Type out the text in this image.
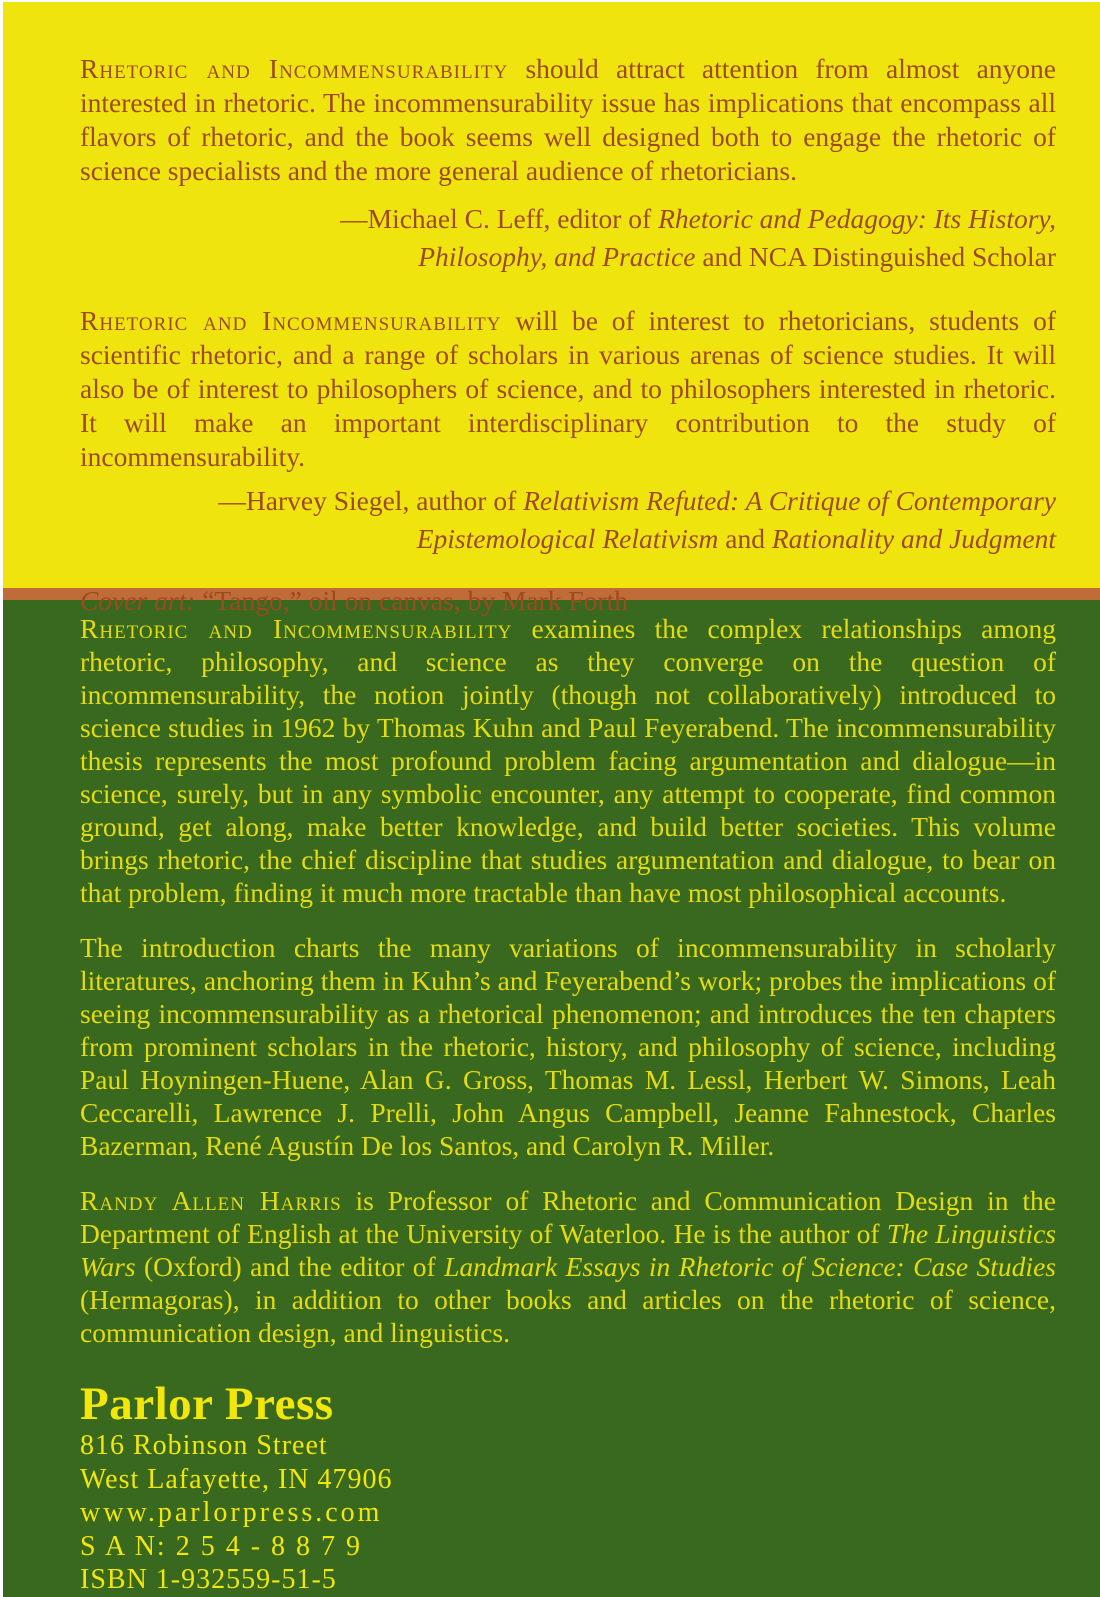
Rhetoric and Incommensurability should attract attention from almost anyone interested in rhetoric. The incommensurability issue has implications that encompass all flavors of rhetoric, and the book seems well designed both to engage the rhetoric of science specialists and the more general audience of rhetoricians.

—Michael C. Leff, editor of Rhetoric and Pedagogy: Its History,
Philosophy, and Practice and NCA Distinguished Scholar

Rhetoric and Incommensurability will be of interest to rhetoricians, students of scientific rhetoric, and a range of scholars in various arenas of science studies. It will also be of interest to philosophers of science, and to philosophers interested in rhetoric. It will make an important interdisciplinary contribution to the study of incommensurability.

—Harvey Siegel, author of Relativism Refuted: A Critique of Contemporary
Epistemological Relativism and Rationality and Judgment

Cover art: “Tango,” oil on canvas, by Mark Forth

Rhetoric and Incommensurability examines the complex relationships among rhetoric, philosophy, and science as they converge on the question of incommensurability, the notion jointly (though not collaboratively) introduced to science studies in 1962 by Thomas Kuhn and Paul Feyerabend. The incommensurability thesis represents the most profound problem facing argumentation and dialogue—in science, surely, but in any symbolic encounter, any attempt to cooperate, find common ground, get along, make better knowledge, and build better societies. This volume brings rhetoric, the chief discipline that studies argumentation and dialogue, to bear on that problem, finding it much more tractable than have most philosophical accounts.

The introduction charts the many variations of incommensurability in scholarly literatures, anchoring them in Kuhn’s and Feyerabend’s work; probes the implications of seeing incommensurability as a rhetorical phenomenon; and introduces the ten chapters from prominent scholars in the rhetoric, history, and philosophy of science, including Paul Hoyningen-Huene, Alan G. Gross, Thomas M. Lessl, Herbert W. Simons, Leah Ceccarelli, Lawrence J. Prelli, John Angus Campbell, Jeanne Fahnestock, Charles Bazerman, René Agustín De los Santos, and Carolyn R. Miller.

Randy Allen Harris is Professor of Rhetoric and Communication Design in the Department of English at the University of Waterloo. He is the author of The Linguistics Wars (Oxford) and the editor of Landmark Essays in Rhetoric of Science: Case Studies (Hermagoras), in addition to other books and articles on the rhetoric of science, communication design, and linguistics.

Parlor Press

816 Robinson Street

West Lafayette, IN 47906

www.parlorpress.com

S A N: 2 5 4 - 8 8 7 9

ISBN 1-932559-51-5
